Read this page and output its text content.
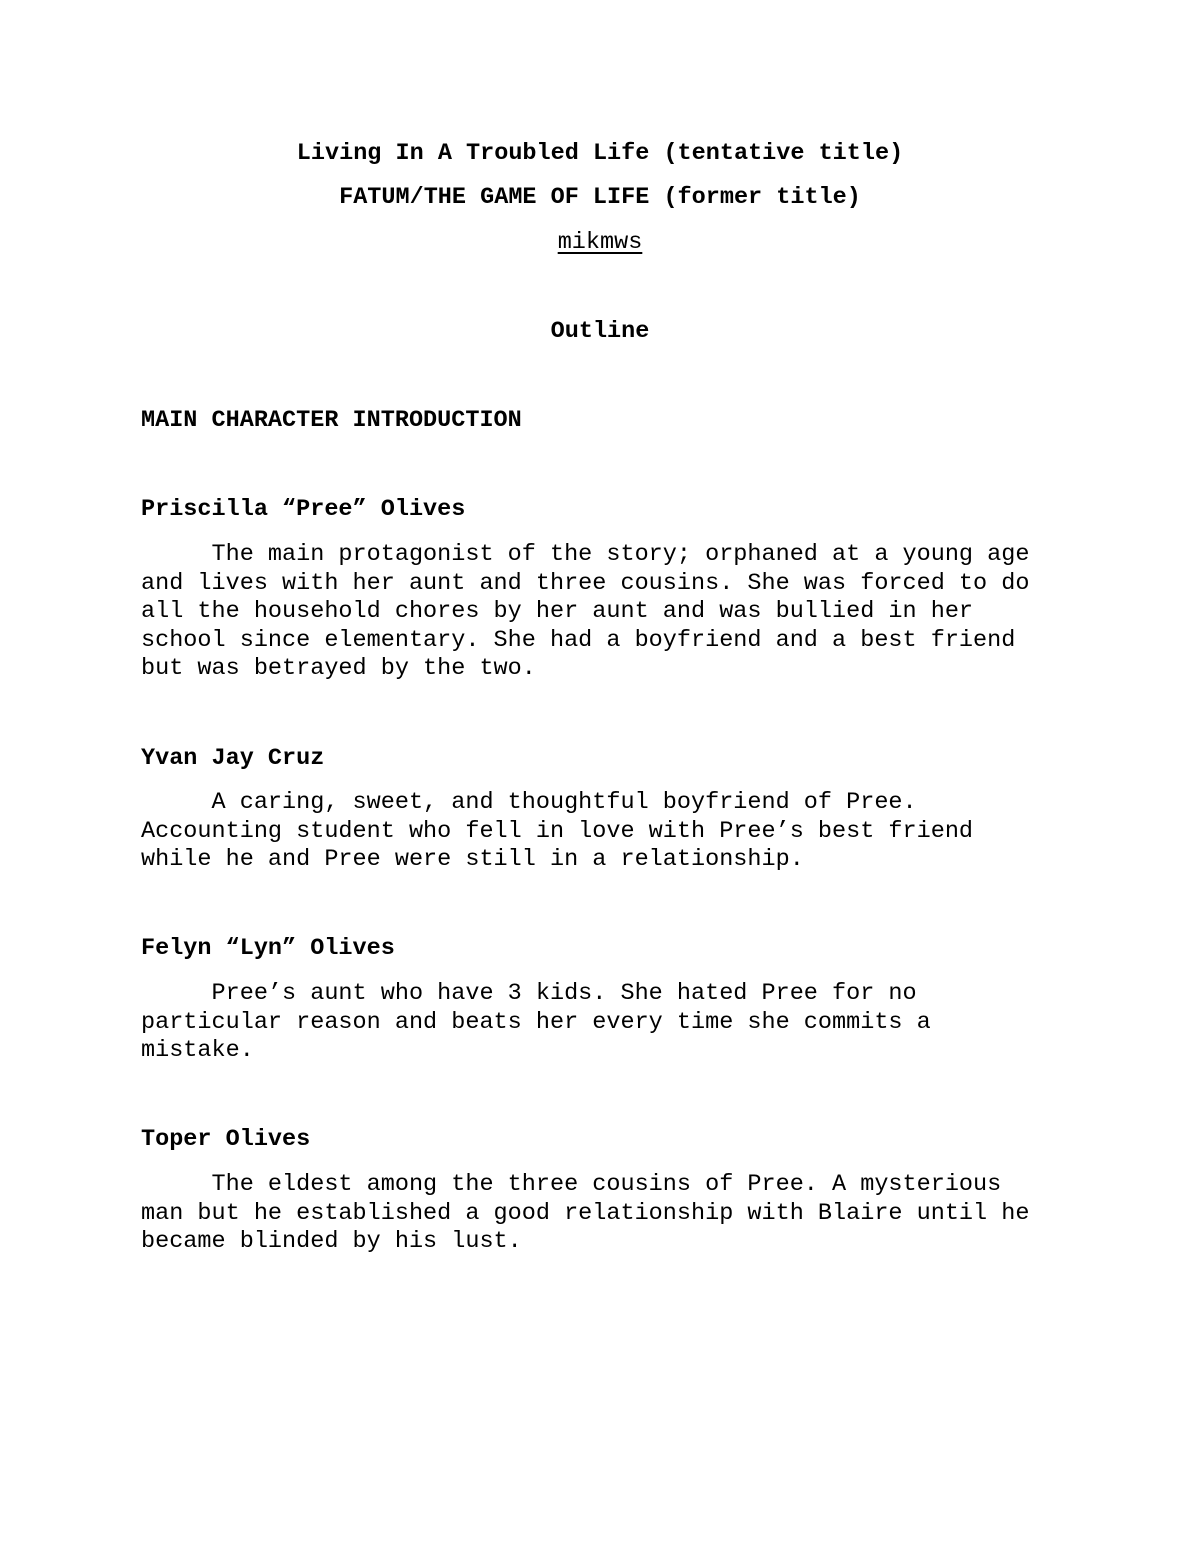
Living In A Troubled Life (tentative title)
FATUM/THE GAME OF LIFE (former title)
mikmws
Outline
MAIN CHARACTER INTRODUCTION
Priscilla “Pree” Olives
The main protagonist of the story; orphaned at a young age
and lives with her aunt and three cousins. She was forced to do
all the household chores by her aunt and was bullied in her
school since elementary. She had a boyfriend and a best friend
but was betrayed by the two.
Yvan Jay Cruz
A caring, sweet, and thoughtful boyfriend of Pree.
Accounting student who fell in love with Pree’s best friend
while he and Pree were still in a relationship.
Felyn “Lyn” Olives
Pree’s aunt who have 3 kids. She hated Pree for no
particular reason and beats her every time she commits a
mistake.
Toper Olives
The eldest among the three cousins of Pree. A mysterious
man but he established a good relationship with Blaire until he
became blinded by his lust.
